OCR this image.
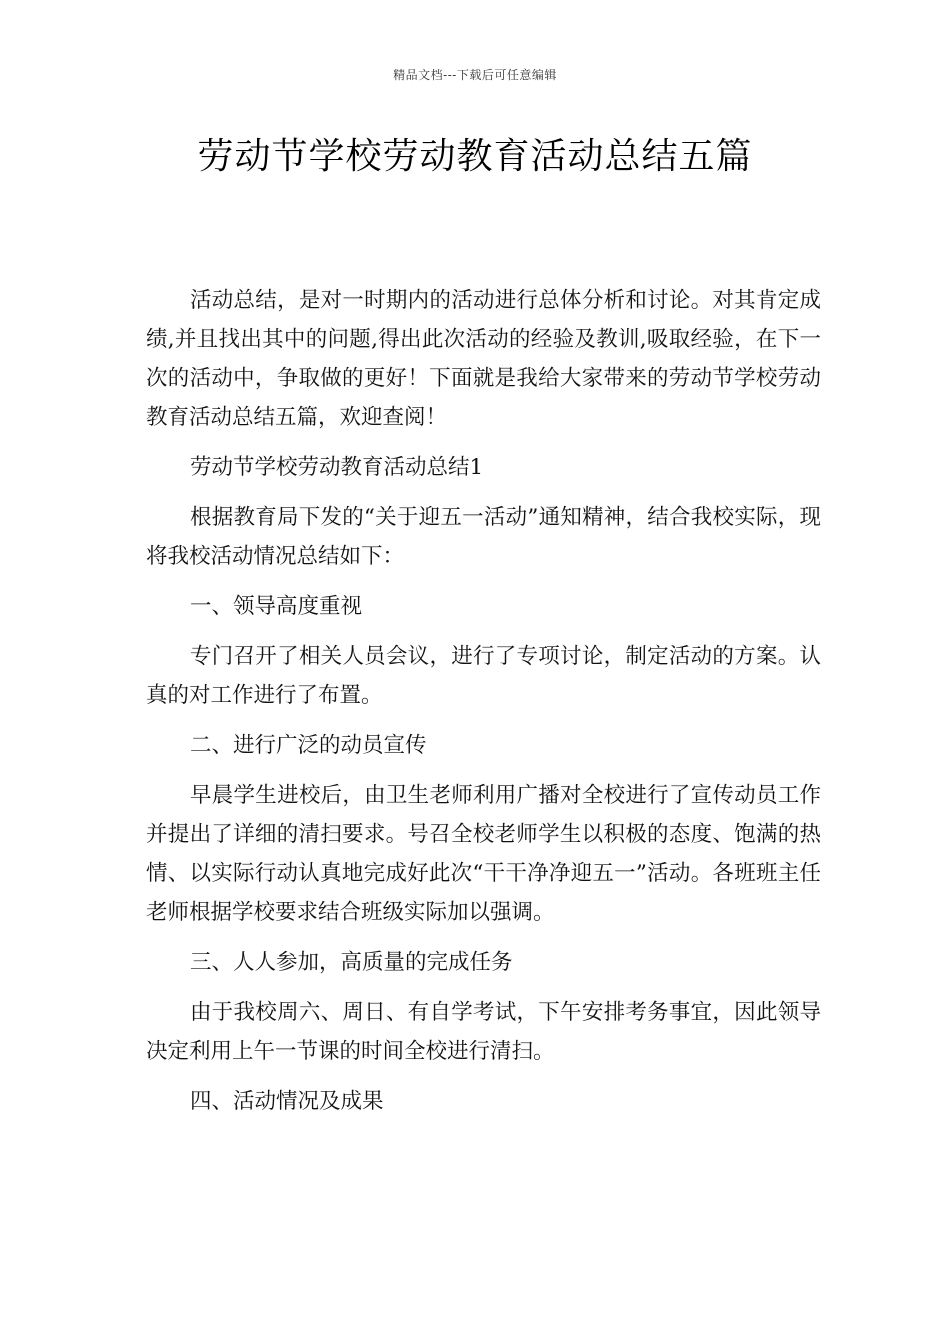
精品文档---下载后可任意编辑
劳动节学校劳动教育活动总结五篇

活动总结，是对一时期内的活动进行总体分析和讨论。对其肯定成绩,并且找出其中的问题,得出此次活动的经验及教训,吸取经验，在下一次的活动中，争取做的更好！下面就是我给大家带来的劳动节学校劳动教育活动总结五篇，欢迎查阅！

劳动节学校劳动教育活动总结1

根据教育局下发的“关于迎五一活动”通知精神，结合我校实际，现将我校活动情况总结如下：

一、领导高度重视

专门召开了相关人员会议，进行了专项讨论，制定活动的方案。认真的对工作进行了布置。

二、进行广泛的动员宣传

早晨学生进校后，由卫生老师利用广播对全校进行了宣传动员工作并提出了详细的清扫要求。号召全校老师学生以积极的态度、饱满的热情、以实际行动认真地完成好此次“干干净净迎五一”活动。各班班主任老师根据学校要求结合班级实际加以强调。

三、人人参加，高质量的完成任务

由于我校周六、周日、有自学考试，下午安排考务事宜，因此领导决定利用上午一节课的时间全校进行清扫。

四、活动情况及成果
